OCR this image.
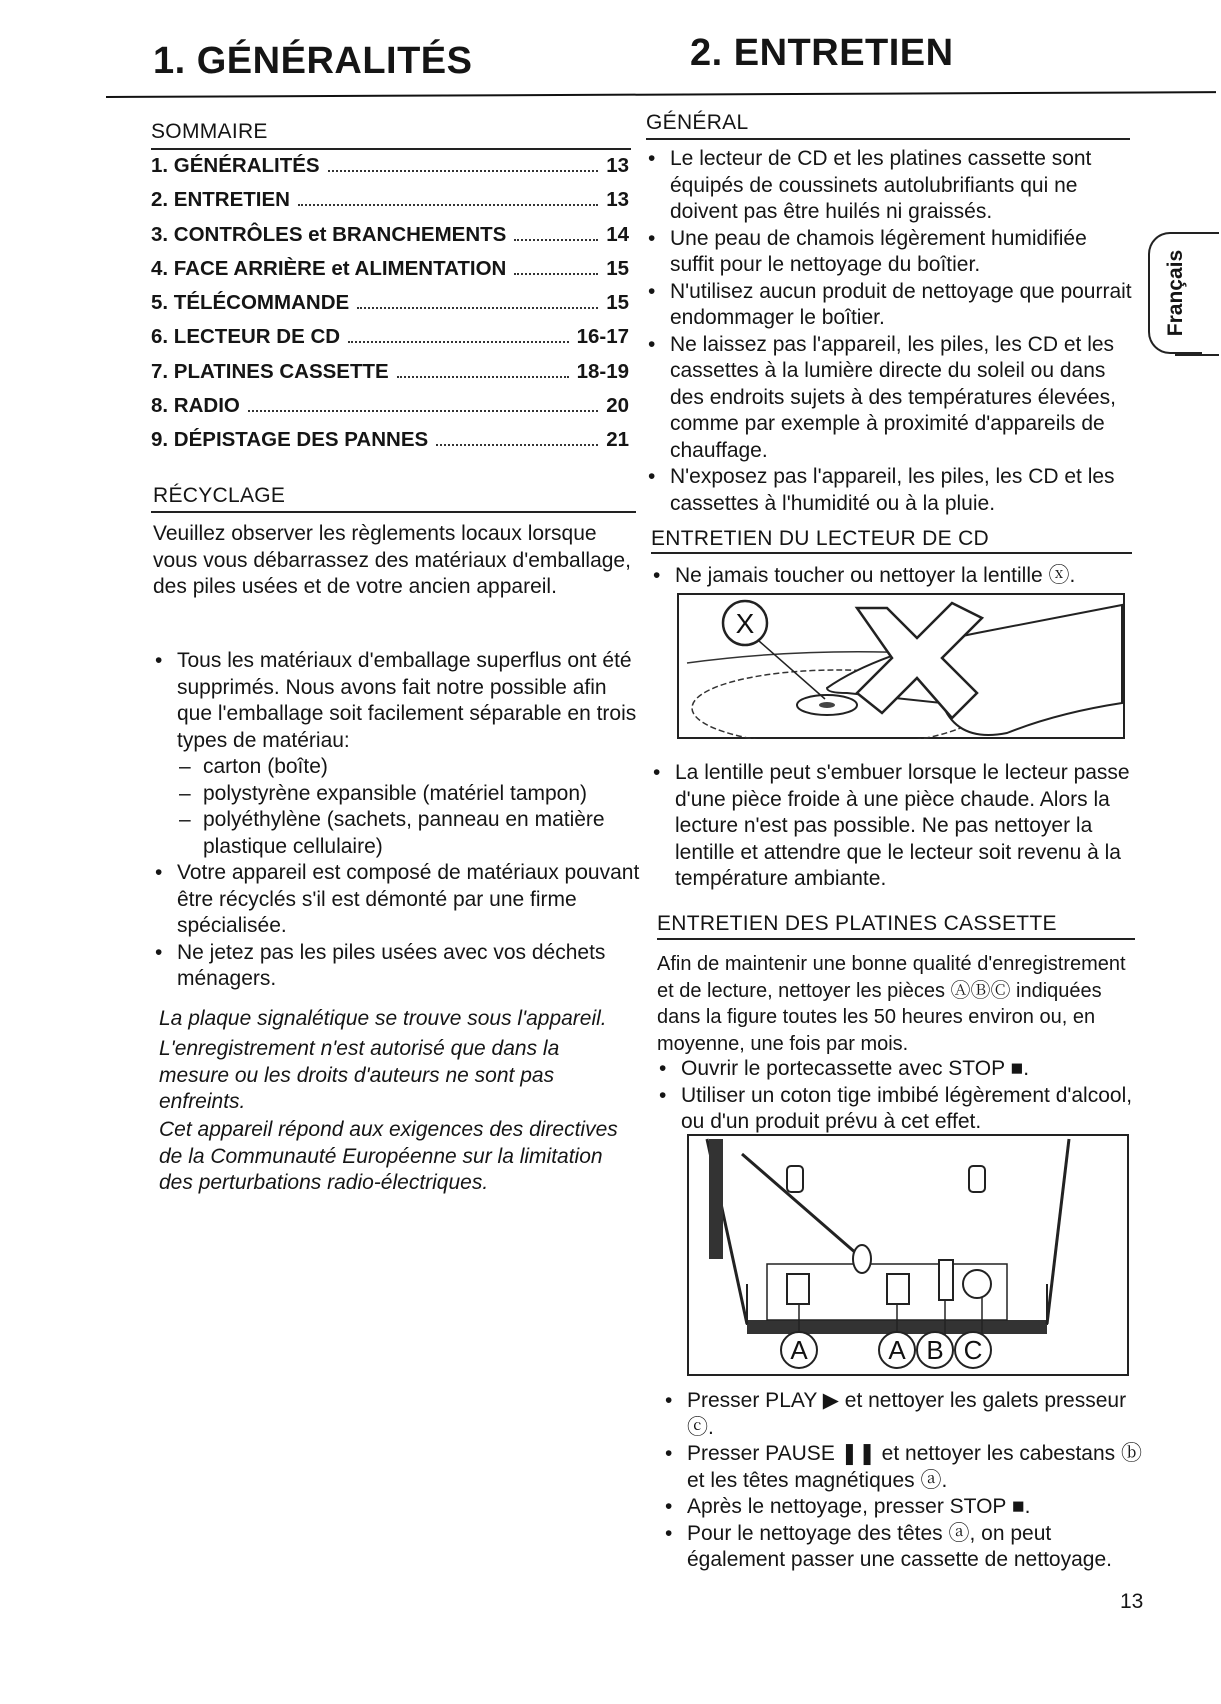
1. GÉNÉRALITÉS	2. ENTRETIEN
SOMMAIRE
1. GÉNÉRALITÉS	13
2. ENTRETIEN	13
3. CONTRÔLES et BRANCHEMENTS	14
4. FACE ARRIÈRE et ALIMENTATION	15
5. TÉLÉCOMMANDE	15
6. LECTEUR DE CD	16-17
7. PLATINES CASSETTE	18-19
8. RADIO	20
9. DÉPISTAGE DES PANNES	21
RÉCYCLAGE
Veuillez observer les règlements locaux lorsque vous vous débarrassez des matériaux d'emballage, des piles usées et de votre ancien appareil.
• Tous les matériaux d'emballage superflus ont été supprimés. Nous avons fait notre possible afin que l'emballage soit facilement séparable en trois types de matériau:
– carton (boîte)
– polystyrène expansible (matériel tampon)
– polyéthylène (sachets, panneau en matière plastique cellulaire)
• Votre appareil est composé de matériaux pouvant être récyclés s'il est démonté par une firme spécialisée.
• Ne jetez pas les piles usées avec vos déchets ménagers.
La plaque signalétique se trouve sous l'appareil.
L'enregistrement n'est autorisé que dans la mesure ou les droits d'auteurs ne sont pas enfreints.
Cet appareil répond aux exigences des directives de la Communauté Européenne sur la limitation des perturbations radio-électriques.
GÉNÉRAL
• Le lecteur de CD et les platines cassette sont équipés de coussinets autolubrifiants qui ne doivent pas être huilés ni graissés.
• Une peau de chamois légèrement humidifiée suffit pour le nettoyage du boîtier.
• N'utilisez aucun produit de nettoyage que pourrait endommager le boîtier.
• Ne laissez pas l'appareil, les piles, les CD et les cassettes à la lumière directe du soleil ou dans des endroits sujets à des températures élevées, comme par exemple à proximité d'appareils de chauffage.
• N'exposez pas l'appareil, les piles, les CD et les cassettes à l'humidité ou à la pluie.
Français
ENTRETIEN DU LECTEUR DE CD
• Ne jamais toucher ou nettoyer la lentille ⓧ.
X
• La lentille peut s'embuer lorsque le lecteur passe d'une pièce froide à une pièce chaude. Alors la lecture n'est pas possible. Ne pas nettoyer la lentille et attendre que le lecteur soit revenu à la température ambiante.
ENTRETIEN DES PLATINES CASSETTE
Afin de maintenir une bonne qualité d'enregistrement et de lecture, nettoyer les pièces ⒶⒷⒸ indiquées dans la figure toutes les 50 heures environ ou, en moyenne, une fois par mois.
• Ouvrir le portecassette avec STOP ■.
• Utiliser un coton tige imbibé légèrement d'alcool, ou d'un produit prévu à cet effet.
A	A B C
• Presser PLAY ▶ et nettoyer les galets presseur ⓒ.
• Presser PAUSE ❚❚ et nettoyer les cabestans ⓑ et les têtes magnétiques ⓐ.
• Après le nettoyage, presser STOP ■.
• Pour le nettoyage des têtes ⓐ, on peut également passer une cassette de nettoyage.
13
